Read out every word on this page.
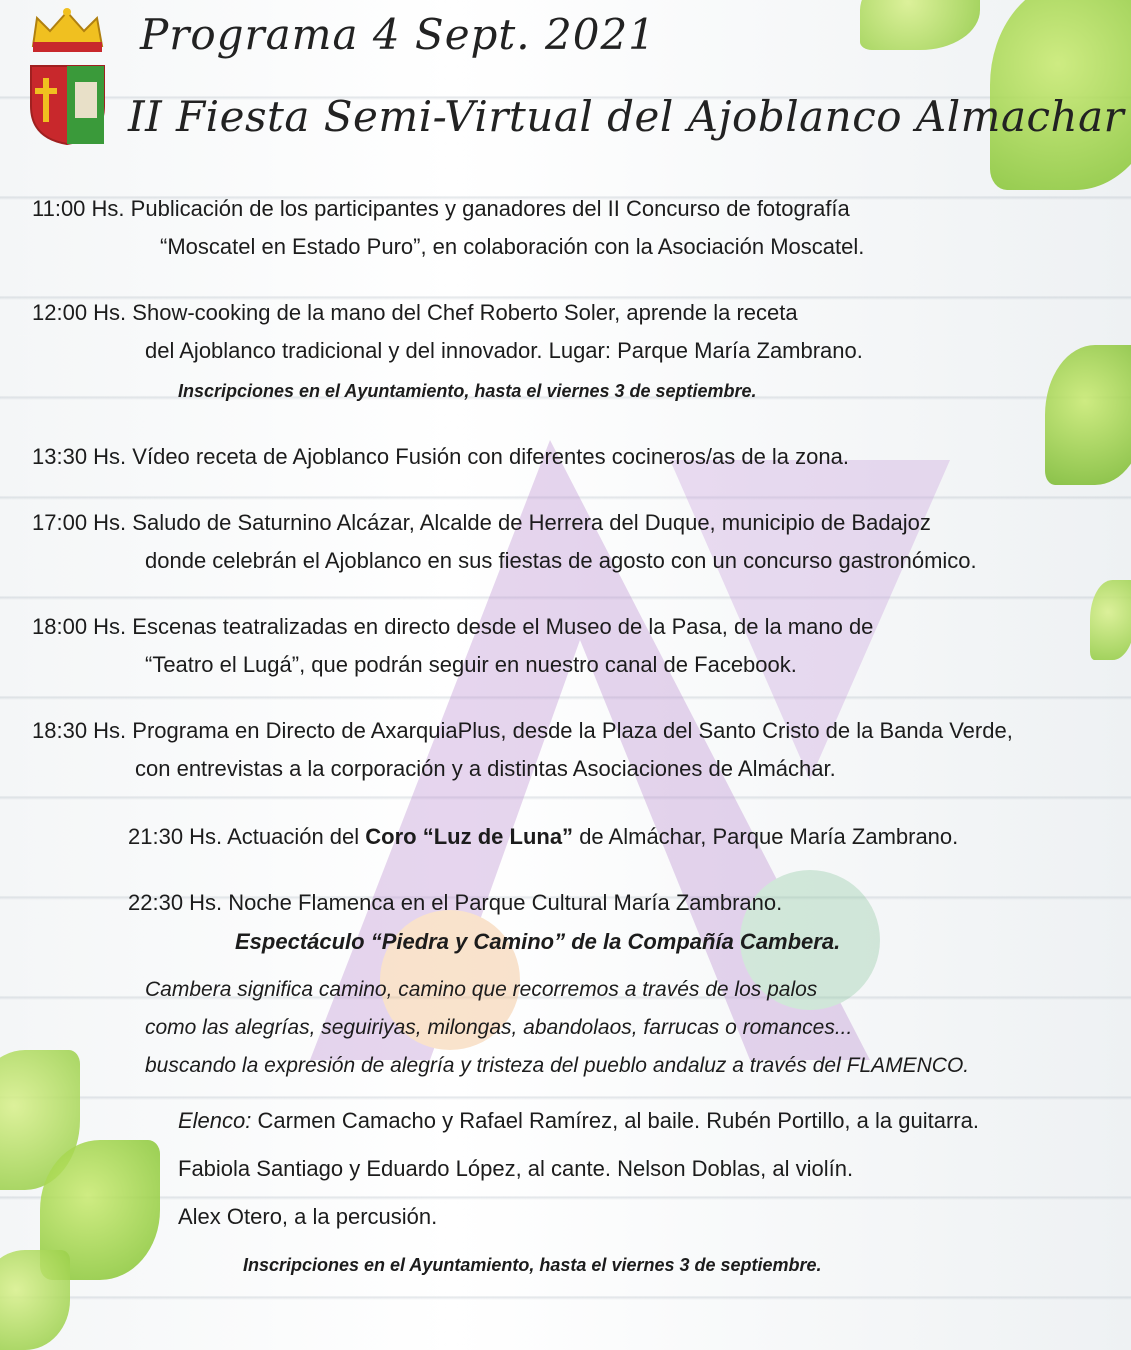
Programa 4 Sept. 2021
II Fiesta Semi-Virtual del Ajoblanco Almachar
11:00 Hs. Publicación de los participantes y ganadores del II Concurso de fotografía
“Moscatel en Estado Puro”, en colaboración con la Asociación Moscatel.
12:00 Hs. Show-cooking de la mano del Chef Roberto Soler, aprende la receta
del Ajoblanco tradicional y del innovador. Lugar: Parque María Zambrano.
Inscripciones en el Ayuntamiento, hasta el viernes 3 de septiembre.
13:30 Hs. Vídeo receta de Ajoblanco Fusión con diferentes cocineros/as de la zona.
17:00 Hs. Saludo de Saturnino Alcázar, Alcalde de Herrera del Duque, municipio de Badajoz
donde celebrán el Ajoblanco en sus fiestas de agosto con un concurso gastronómico.
18:00 Hs. Escenas teatralizadas en directo desde el Museo de la Pasa, de la mano de
“Teatro el Lugá”, que podrán seguir en nuestro canal de Facebook.
18:30 Hs. Programa en Directo de AxarquiaPlus, desde la Plaza del Santo Cristo de la Banda Verde,
con entrevistas a la corporación y a distintas Asociaciones de Almáchar.
21:30 Hs. Actuación del Coro “Luz de Luna” de Almáchar, Parque María Zambrano.
22:30 Hs. Noche Flamenca en el Parque Cultural María Zambrano.
Espectáculo “Piedra y Camino” de la Compañía Cambera.
Cambera significa camino, camino que recorremos a través de los palos
como las alegrías, seguiriyas, milongas, abandolaos, farrucas o romances...
buscando la expresión de alegría y tristeza del pueblo andaluz a través del FLAMENCO.
Elenco: Carmen Camacho y Rafael Ramírez, al baile. Rubén Portillo, a la guitarra.
Fabiola Santiago y Eduardo López, al cante. Nelson Doblas, al violín.
Alex Otero, a la percusión.
Inscripciones en el Ayuntamiento, hasta el viernes 3 de septiembre.
